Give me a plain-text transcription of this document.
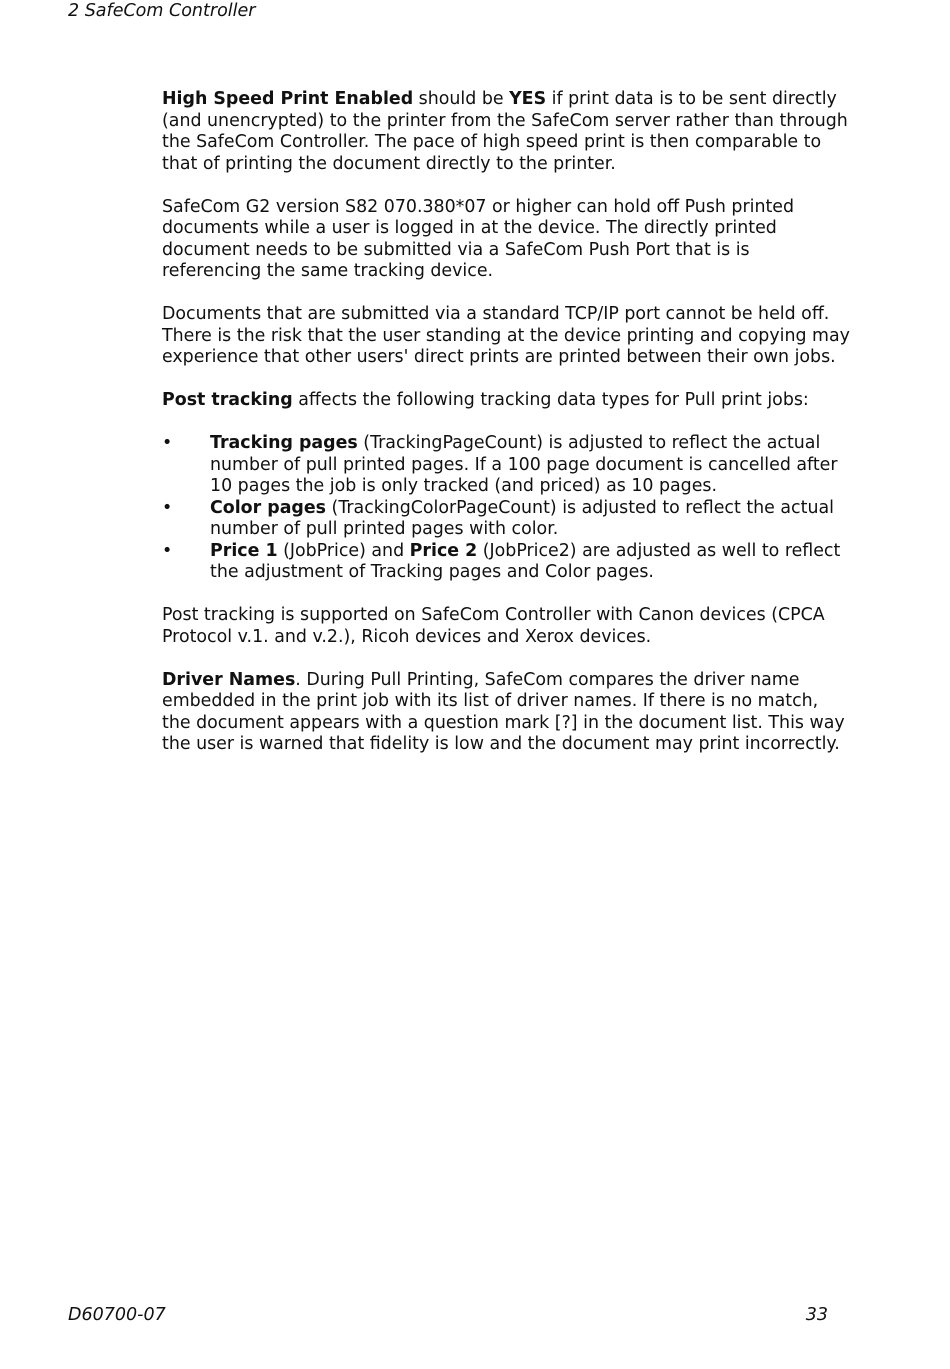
2 SafeCom Controller

High Speed Print Enabled should be YES if print data is to be sent directly (and unencrypted) to the printer from the SafeCom server rather than through the SafeCom Controller. The pace of high speed print is then comparable to that of printing the document directly to the printer.

SafeCom G2 version S82 070.380*07 or higher can hold off Push printed documents while a user is logged in at the device. The directly printed document needs to be submitted via a SafeCom Push Port that is is referencing the same tracking device.

Documents that are submitted via a standard TCP/IP port cannot be held off. There is the risk that the user standing at the device printing and copying may experience that other users' direct prints are printed between their own jobs.

Post tracking affects the following tracking data types for Pull print jobs:

• Tracking pages (TrackingPageCount) is adjusted to reflect the actual number of pull printed pages. If a 100 page document is cancelled after 10 pages the job is only tracked (and priced) as 10 pages.
• Color pages (TrackingColorPageCount) is adjusted to reflect the actual number of pull printed pages with color.
• Price 1 (JobPrice) and Price 2 (JobPrice2) are adjusted as well to reflect the adjustment of Tracking pages and Color pages.

Post tracking is supported on SafeCom Controller with Canon devices (CPCA Protocol v.1. and v.2.), Ricoh devices and Xerox devices.

Driver Names. During Pull Printing, SafeCom compares the driver name embedded in the print job with its list of driver names. If there is no match, the document appears with a question mark [?] in the document list. This way the user is warned that fidelity is low and the document may print incorrectly.

D60700-07	33
